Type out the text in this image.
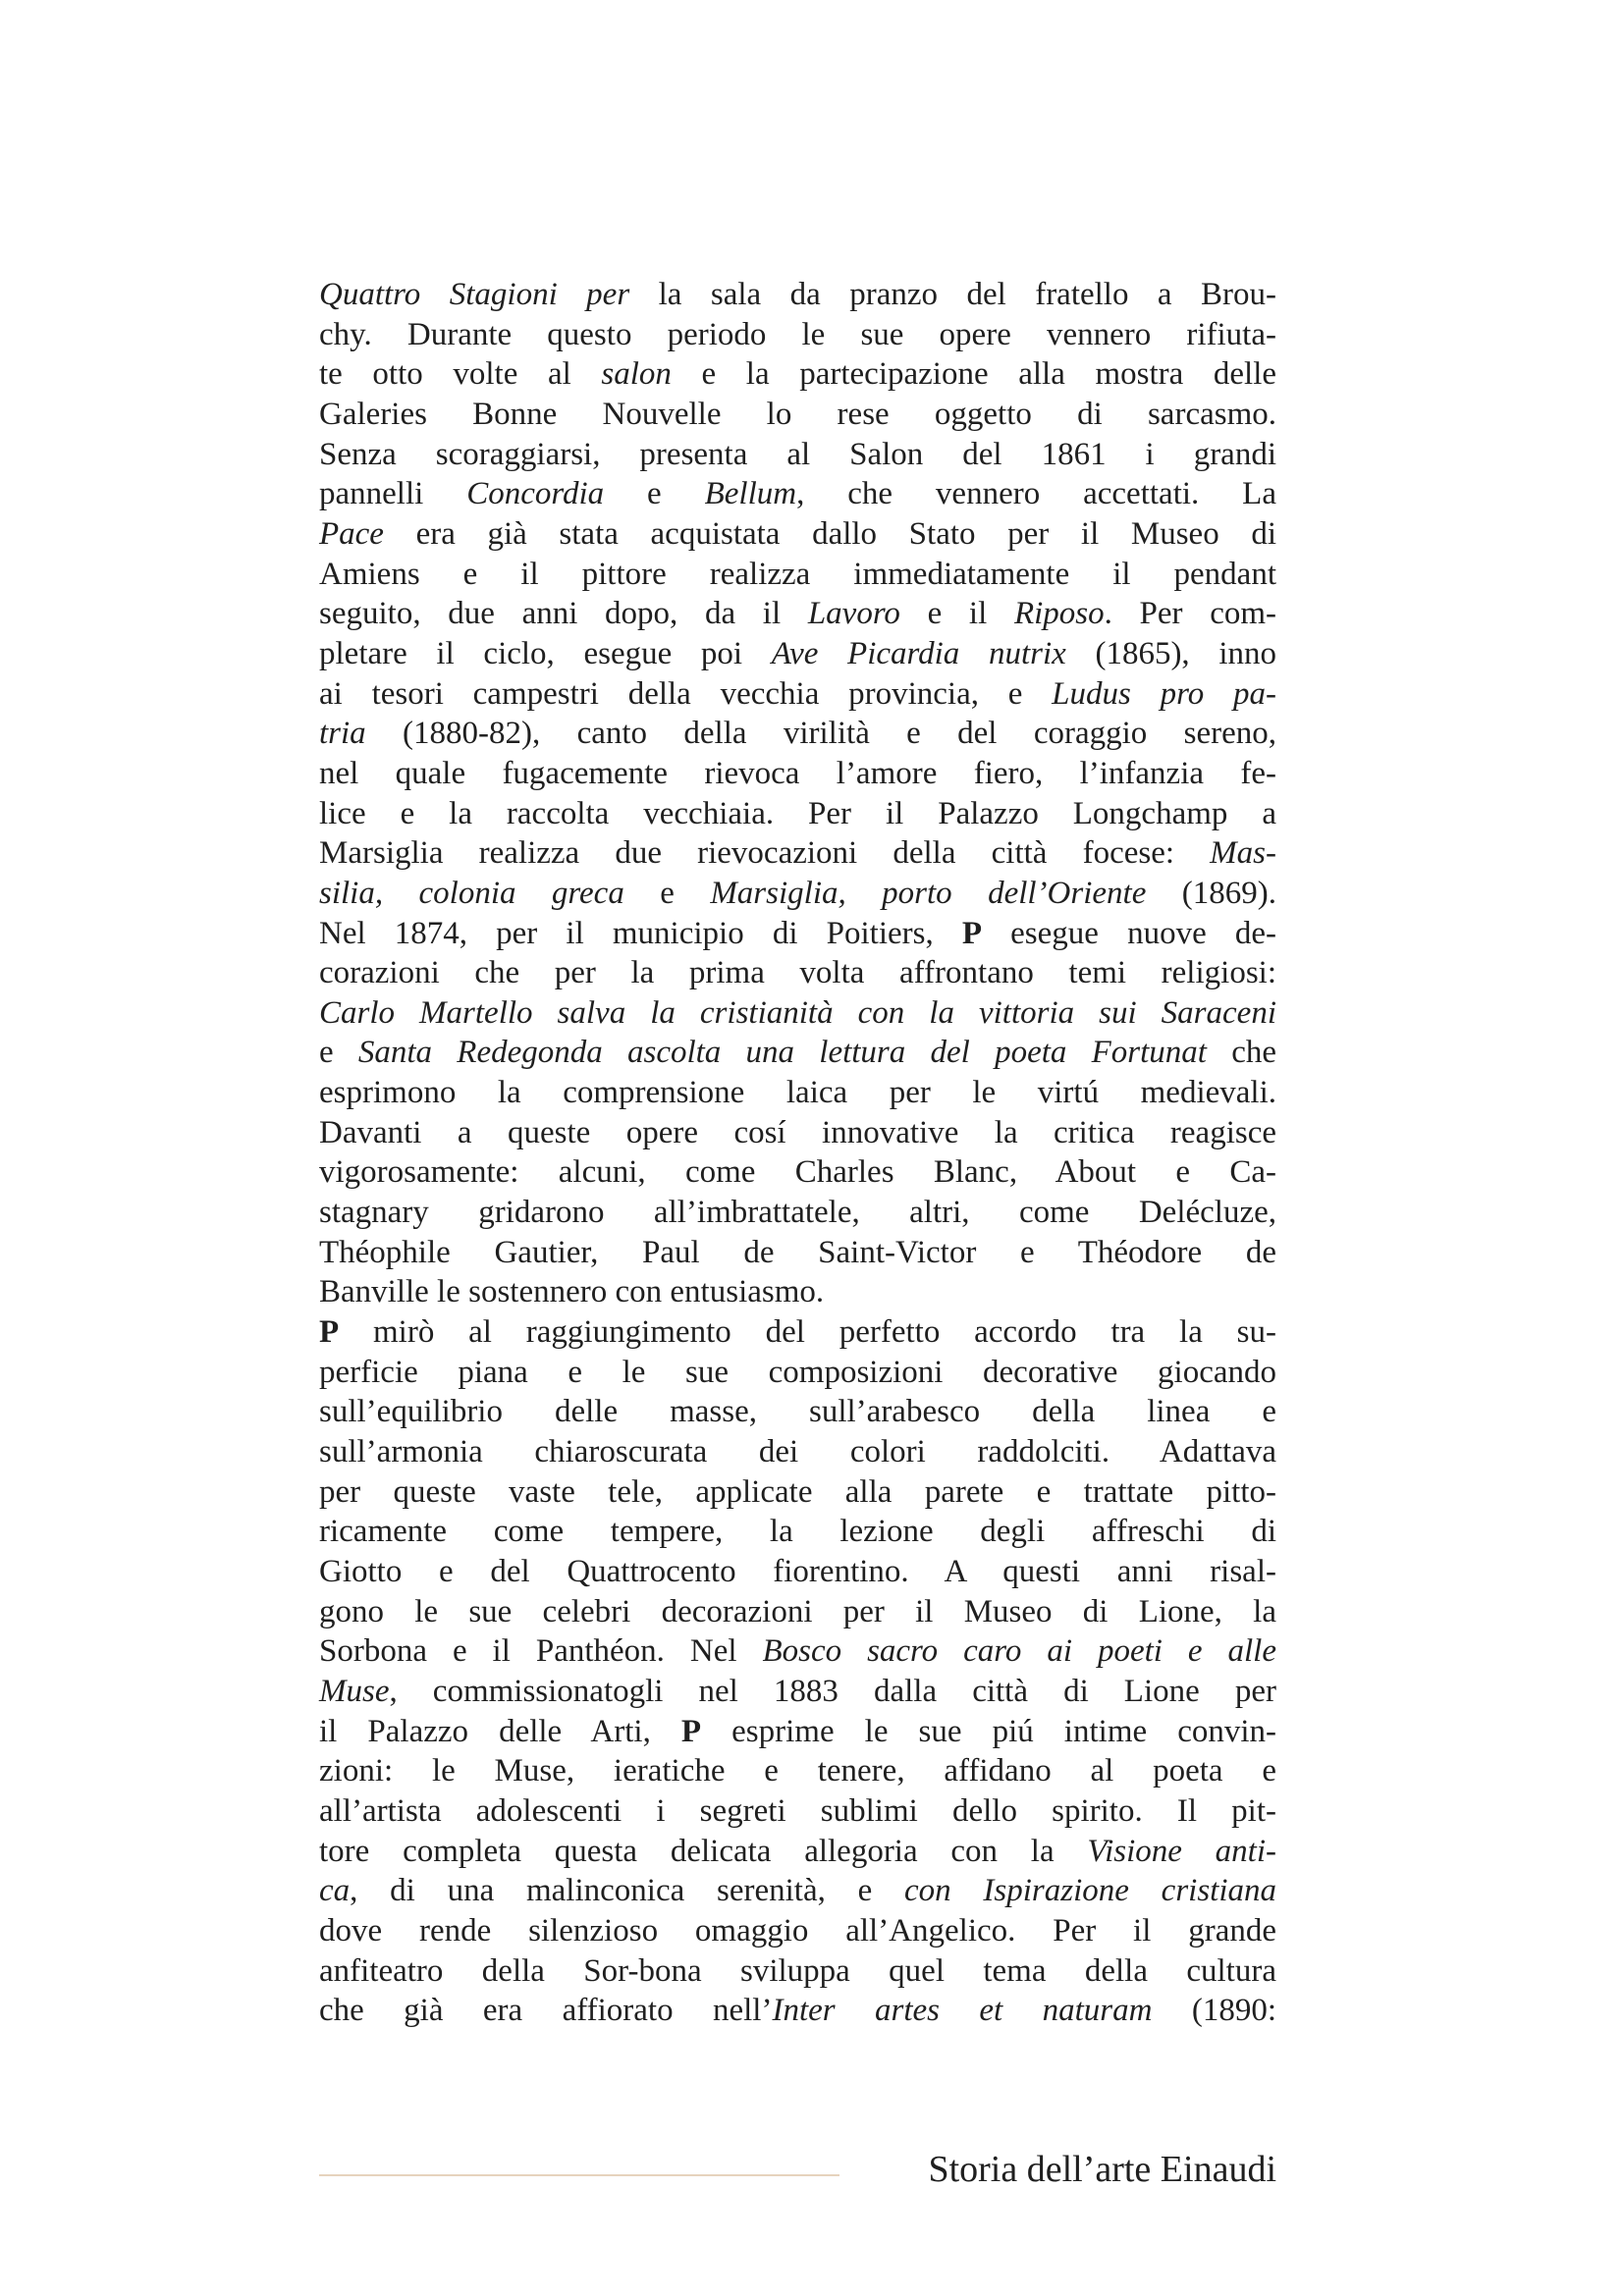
Quattro Stagioni per la sala da pranzo del fratello a Brou-
chy. Durante questo periodo le sue opere vennero rifiuta-
te otto volte al salon e la partecipazione alla mostra delle
Galeries Bonne Nouvelle lo rese oggetto di sarcasmo.
Senza scoraggiarsi, presenta al Salon del 1861 i grandi
pannelli Concordia e Bellum, che vennero accettati. La
Pace era già stata acquistata dallo Stato per il Museo di
Amiens e il pittore realizza immediatamente il pendant
seguito, due anni dopo, da il Lavoro e il Riposo. Per com-
pletare il ciclo, esegue poi Ave Picardia nutrix (1865), inno
ai tesori campestri della vecchia provincia, e Ludus pro pa-
tria (1880-82), canto della virilità e del coraggio sereno,
nel quale fugacemente rievoca l’amore fiero, l’infanzia fe-
lice e la raccolta vecchiaia. Per il Palazzo Longchamp a
Marsiglia realizza due rievocazioni della città focese: Mas-
silia, colonia greca e Marsiglia, porto dell’Oriente (1869).
Nel 1874, per il municipio di Poitiers, P esegue nuove de-
corazioni che per la prima volta affrontano temi religiosi:
Carlo Martello salva la cristianità con la vittoria sui Saraceni
e Santa Redegonda ascolta una lettura del poeta Fortunat che
esprimono la comprensione laica per le virtú medievali.
Davanti a queste opere cosí innovative la critica reagisce
vigorosamente: alcuni, come Charles Blanc, About e Ca-
stagnary gridarono all’imbrattatele, altri, come Delécluze,
Théophile Gautier, Paul de Saint-Victor e Théodore de
Banville le sostennero con entusiasmo.
P mirò al raggiungimento del perfetto accordo tra la su-
perficie piana e le sue composizioni decorative giocando
sull’equilibrio delle masse, sull’arabesco della linea e
sull’armonia chiaroscurata dei colori raddolciti. Adattava
per queste vaste tele, applicate alla parete e trattate pitto-
ricamente come tempere, la lezione degli affreschi di
Giotto e del Quattrocento fiorentino. A questi anni risal-
gono le sue celebri decorazioni per il Museo di Lione, la
Sorbona e il Panthéon. Nel Bosco sacro caro ai poeti e alle
Muse, commissionatogli nel 1883 dalla città di Lione per
il Palazzo delle Arti, P esprime le sue piú intime convin-
zioni: le Muse, ieratiche e tenere, affidano al poeta e
all’artista adolescenti i segreti sublimi dello spirito. Il pit-
tore completa questa delicata allegoria con la Visione anti-
ca, di una malinconica serenità, e con Ispirazione cristiana
dove rende silenzioso omaggio all’Angelico. Per il grande
anfiteatro della Sor-bona sviluppa quel tema della cultura
che già era affiorato nell’Inter artes et naturam (1890:
Storia dell’arte Einaudi
